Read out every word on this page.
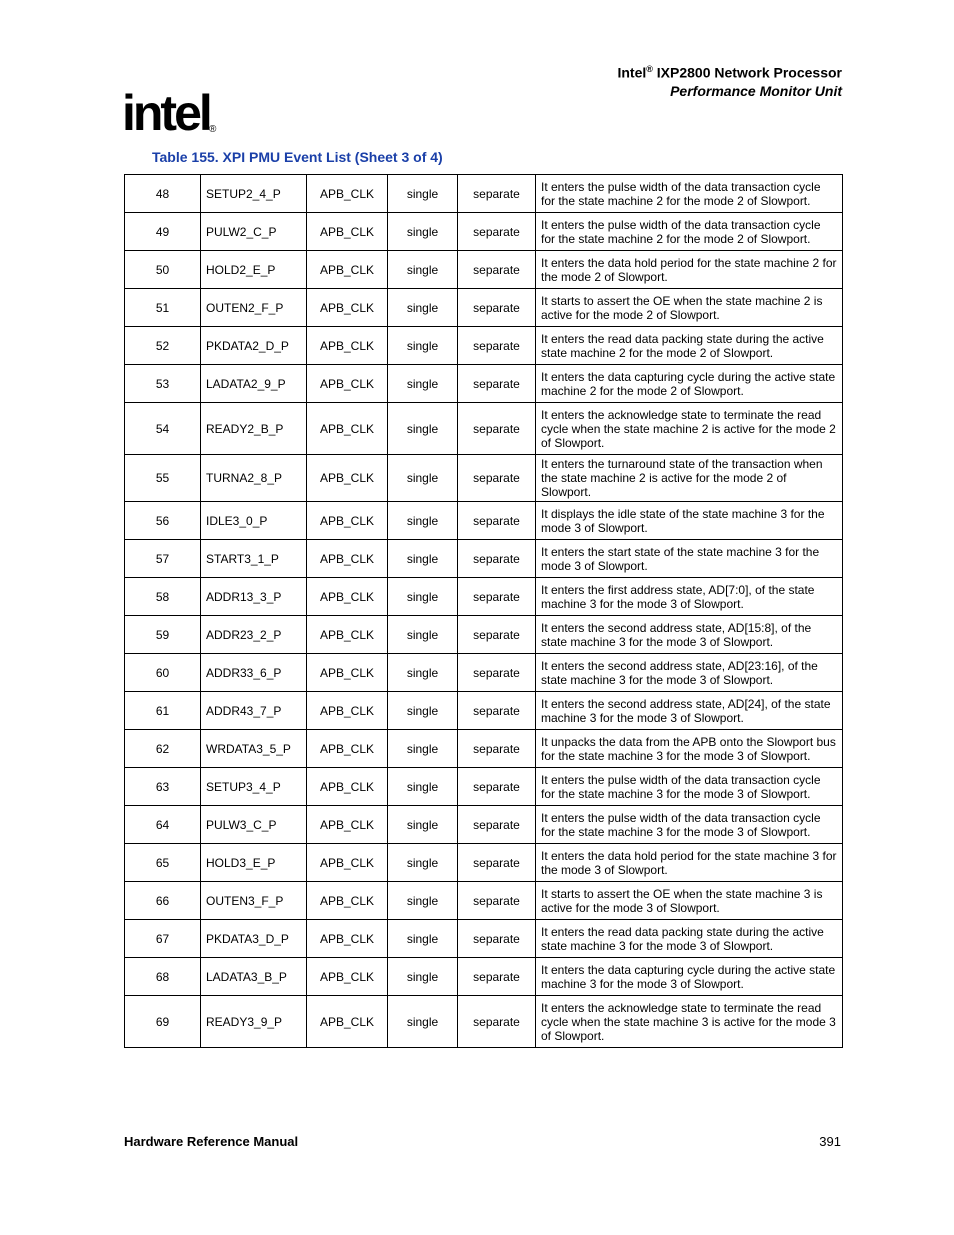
Intel® IXP2800 Network Processor
Performance Monitor Unit
intel ®
Table 155. XPI PMU Event List (Sheet 3 of 4)
48	SETUP2_4_P	APB_CLK	single	separate	It enters the pulse width of the data transaction cycle for the state machine 2 for the mode 2 of Slowport.
49	PULW2_C_P	APB_CLK	single	separate	It enters the pulse width of the data transaction cycle for the state machine 2 for the mode 2 of Slowport.
50	HOLD2_E_P	APB_CLK	single	separate	It enters the data hold period for the state machine 2 for the mode 2 of Slowport.
51	OUTEN2_F_P	APB_CLK	single	separate	It starts to assert the OE when the state machine 2 is active for the mode 2 of Slowport.
52	PKDATA2_D_P	APB_CLK	single	separate	It enters the read data packing state during the active state machine 2 for the mode 2 of Slowport.
53	LADATA2_9_P	APB_CLK	single	separate	It enters the data capturing cycle during the active state machine 2 for the mode 2 of Slowport.
54	READY2_B_P	APB_CLK	single	separate	It enters the acknowledge state to terminate the read cycle when the state machine 2 is active for the mode 2 of Slowport.
55	TURNA2_8_P	APB_CLK	single	separate	It enters the turnaround state of the transaction when the state machine 2 is active for the mode 2 of Slowport.
56	IDLE3_0_P	APB_CLK	single	separate	It displays the idle state of the state machine 3 for the mode 3 of Slowport.
57	START3_1_P	APB_CLK	single	separate	It enters the start state of the state machine 3 for the mode 3 of Slowport.
58	ADDR13_3_P	APB_CLK	single	separate	It enters the first address state, AD[7:0], of the state machine 3 for the mode 3 of Slowport.
59	ADDR23_2_P	APB_CLK	single	separate	It enters the second address state, AD[15:8], of the state machine 3 for the mode 3 of Slowport.
60	ADDR33_6_P	APB_CLK	single	separate	It enters the second address state, AD[23:16], of the state machine 3 for the mode 3 of Slowport.
61	ADDR43_7_P	APB_CLK	single	separate	It enters the second address state, AD[24], of the state machine 3 for the mode 3 of Slowport.
62	WRDATA3_5_P	APB_CLK	single	separate	It unpacks the data from the APB onto the Slowport bus for the state machine 3 for the mode 3 of Slowport.
63	SETUP3_4_P	APB_CLK	single	separate	It enters the pulse width of the data transaction cycle for the state machine 3 for the mode 3 of Slowport.
64	PULW3_C_P	APB_CLK	single	separate	It enters the pulse width of the data transaction cycle for the state machine 3 for the mode 3 of Slowport.
65	HOLD3_E_P	APB_CLK	single	separate	It enters the data hold period for the state machine 3 for the mode 3 of Slowport.
66	OUTEN3_F_P	APB_CLK	single	separate	It starts to assert the OE when the state machine 3 is active for the mode 3 of Slowport.
67	PKDATA3_D_P	APB_CLK	single	separate	It enters the read data packing state during the active state machine 3 for the mode 3 of Slowport.
68	LADATA3_B_P	APB_CLK	single	separate	It enters the data capturing cycle during the active state machine 3 for the mode 3 of Slowport.
69	READY3_9_P	APB_CLK	single	separate	It enters the acknowledge state to terminate the read cycle when the state machine 3 is active for the mode 3 of Slowport.
Hardware Reference Manual	391
